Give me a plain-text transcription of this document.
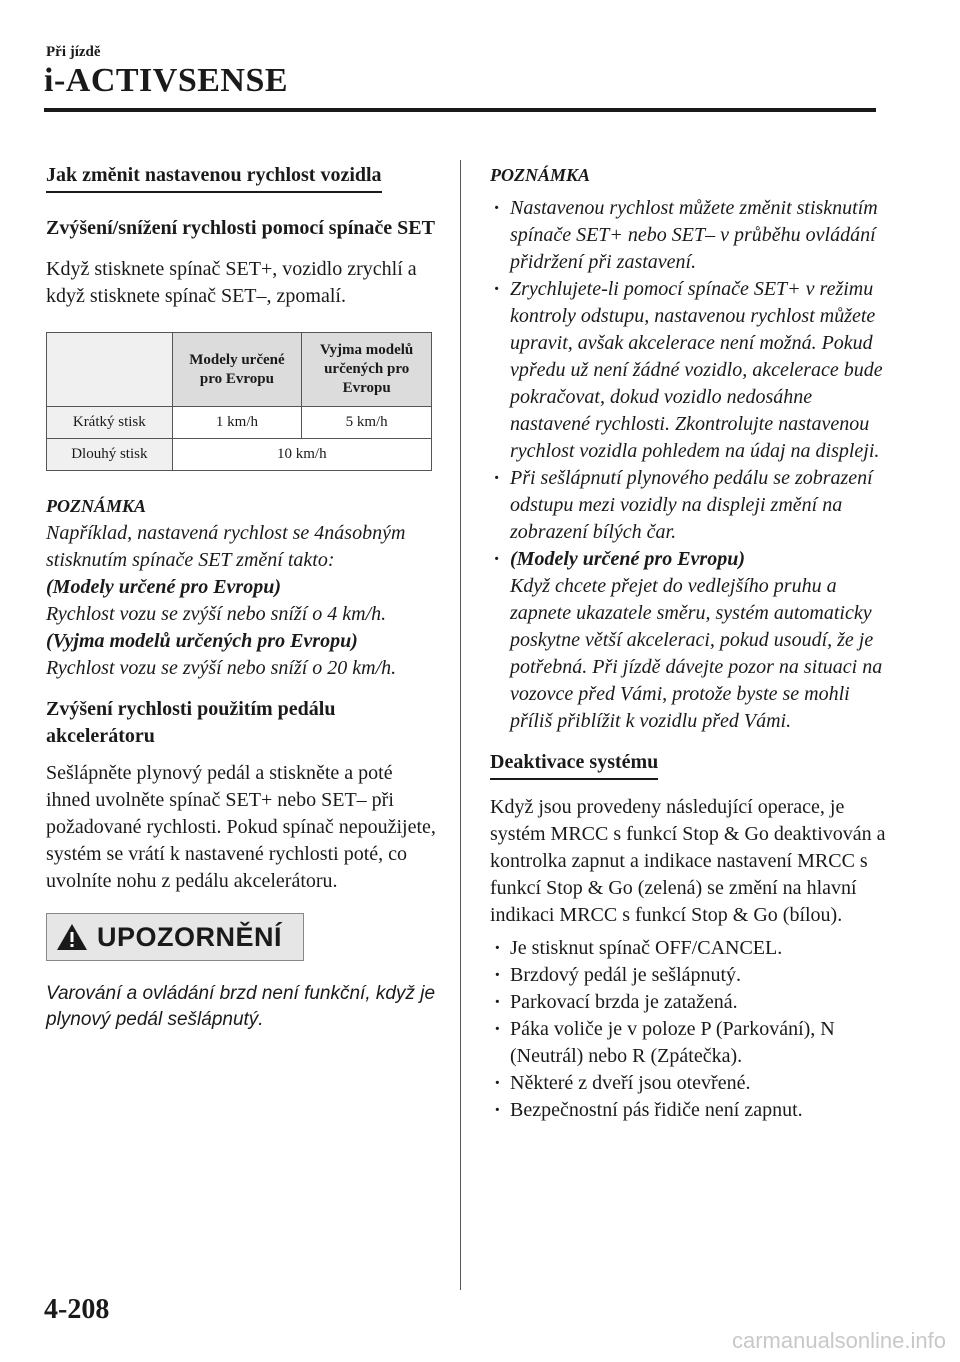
Při jízdě
i-ACTIVSENSE
Jak změnit nastavenou rychlost vozidla

Zvýšení/snížení rychlosti pomocí spínače SET

Když stisknete spínač SET+, vozidlo zrychlí a když stisknete spínač SET–, zpomalí.

	Modely určené pro Evropu	Vyjma modelů určených pro Evropu
Krátký stisk	1 km/h	5 km/h
Dlouhý stisk	10 km/h	

POZNÁMKA

Například, nastavená rychlost se 4násobným stisknutím spínače SET změní takto:

(Modely určené pro Evropu)

Rychlost vozu se zvýší nebo sníží o 4 km/h.

(Vyjma modelů určených pro Evropu)

Rychlost vozu se zvýší nebo sníží o 20 km/h.

Zvýšení rychlosti použitím pedálu akcelerátoru

Sešlápněte plynový pedál a stiskněte a poté ihned uvolněte spínač SET+ nebo SET– při požadované rychlosti. Pokud spínač nepoužijete, systém se vrátí k nastavené rychlosti poté, co uvolníte nohu z pedálu akcelerátoru.

UPOZORNĚNÍ

Varování a ovládání brzd není funkční, když je plynový pedál sešlápnutý.

POZNÁMKA

· Nastavenou rychlost můžete změnit stisknutím spínače SET+ nebo SET– v průběhu ovládání přidržení při zastavení.
· Zrychlujete-li pomocí spínače SET+ v režimu kontroly odstupu, nastavenou rychlost můžete upravit, avšak akcelerace není možná. Pokud vpředu už není žádné vozidlo, akcelerace bude pokračovat, dokud vozidlo nedosáhne nastavené rychlosti. Zkontrolujte nastavenou rychlost vozidla pohledem na údaj na displeji.
· Při sešlápnutí plynového pedálu se zobrazení odstupu mezi vozidly na displeji změní na zobrazení bílých čar.
· (Modely určené pro Evropu)
Když chcete přejet do vedlejšího pruhu a zapnete ukazatele směru, systém automaticky poskytne větší akceleraci, pokud usoudí, že je potřebná. Při jízdě dávejte pozor na situaci na vozovce před Vámi, protože byste se mohli příliš přiblížit k vozidlu před Vámi.
Deaktivace systému

Když jsou provedeny následující operace, je systém MRCC s funkcí Stop & Go deaktivován a kontrolka zapnut a indikace nastavení MRCC s funkcí Stop & Go (zelená) se změní na hlavní indikaci MRCC s funkcí Stop & Go (bílou).

· Je stisknut spínač OFF/CANCEL.
· Brzdový pedál je sešlápnutý.
· Parkovací brzda je zatažená.
· Páka voliče je v poloze P (Parkování), N (Neutrál) nebo R (Zpátečka).
· Některé z dveří jsou otevřené.
· Bezpečnostní pás řidiče není zapnut.
4-208
carmanualsonline.info
